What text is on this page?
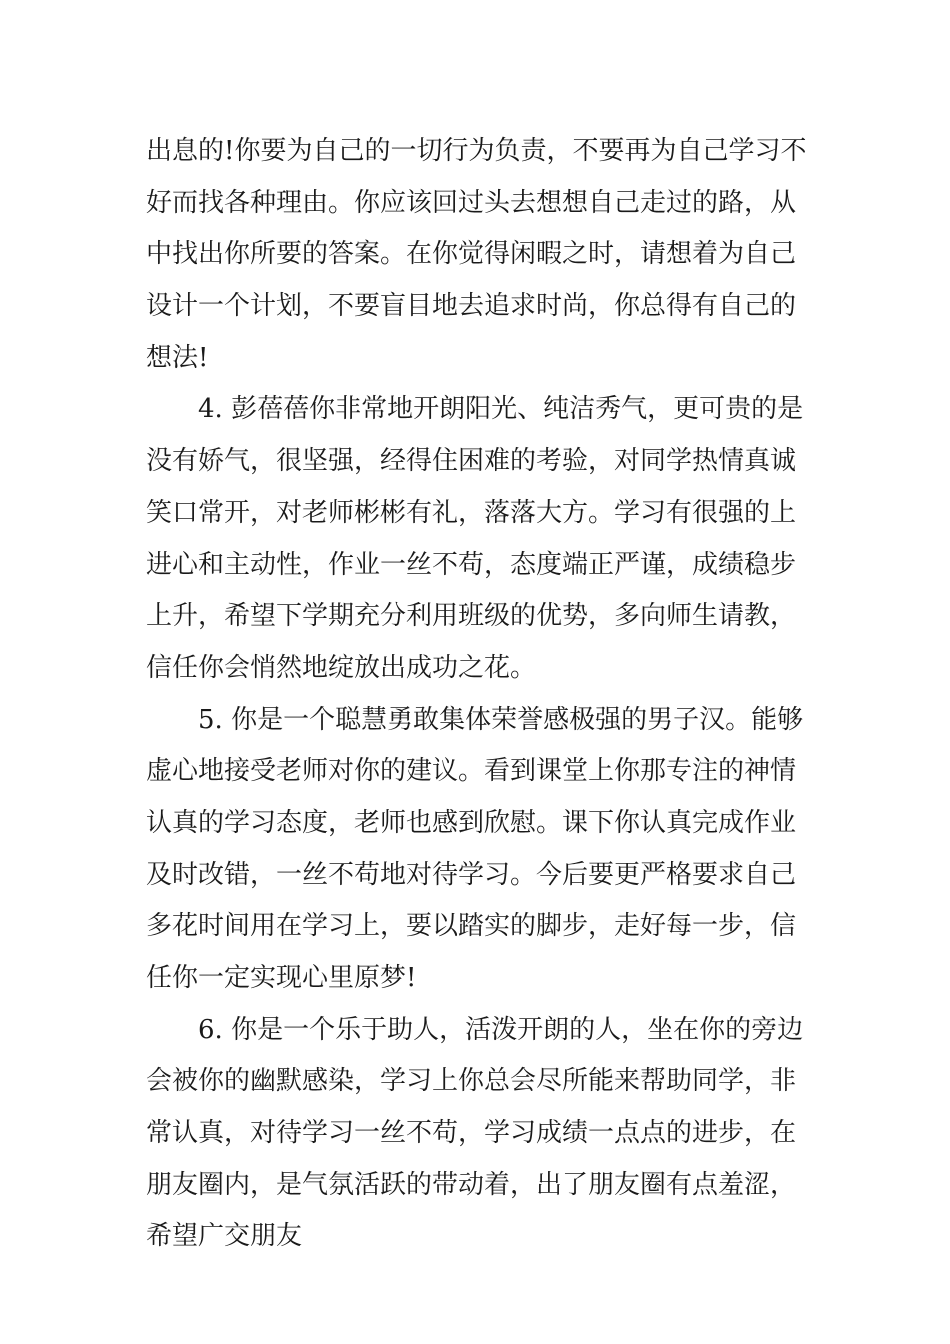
出息的!你要为自己的一切行为负责，不要再为自己学习不
好而找各种理由。你应该回过头去想想自己走过的路，从
中找出你所要的答案。在你觉得闲暇之时，请想着为自己
设计一个计划，不要盲目地去追求时尚，你总得有自己的
想法!
4. 彭蓓蓓你非常地开朗阳光、纯洁秀气，更可贵的是
没有娇气，很坚强，经得住困难的考验，对同学热情真诚
笑口常开，对老师彬彬有礼，落落大方。学习有很强的上
进心和主动性，作业一丝不苟，态度端正严谨，成绩稳步
上升，希望下学期充分利用班级的优势，多向师生请教，
信任你会悄然地绽放出成功之花。
5. 你是一个聪慧勇敢集体荣誉感极强的男子汉。能够
虚心地接受老师对你的建议。看到课堂上你那专注的神情
认真的学习态度，老师也感到欣慰。课下你认真完成作业
及时改错，一丝不苟地对待学习。今后要更严格要求自己
多花时间用在学习上，要以踏实的脚步，走好每一步，信
任你一定实现心里原梦!
6. 你是一个乐于助人，活泼开朗的人，坐在你的旁边
会被你的幽默感染，学习上你总会尽所能来帮助同学，非
常认真，对待学习一丝不苟，学习成绩一点点的进步，在
朋友圈内，是气氛活跃的带动着，出了朋友圈有点羞涩，
希望广交朋友
